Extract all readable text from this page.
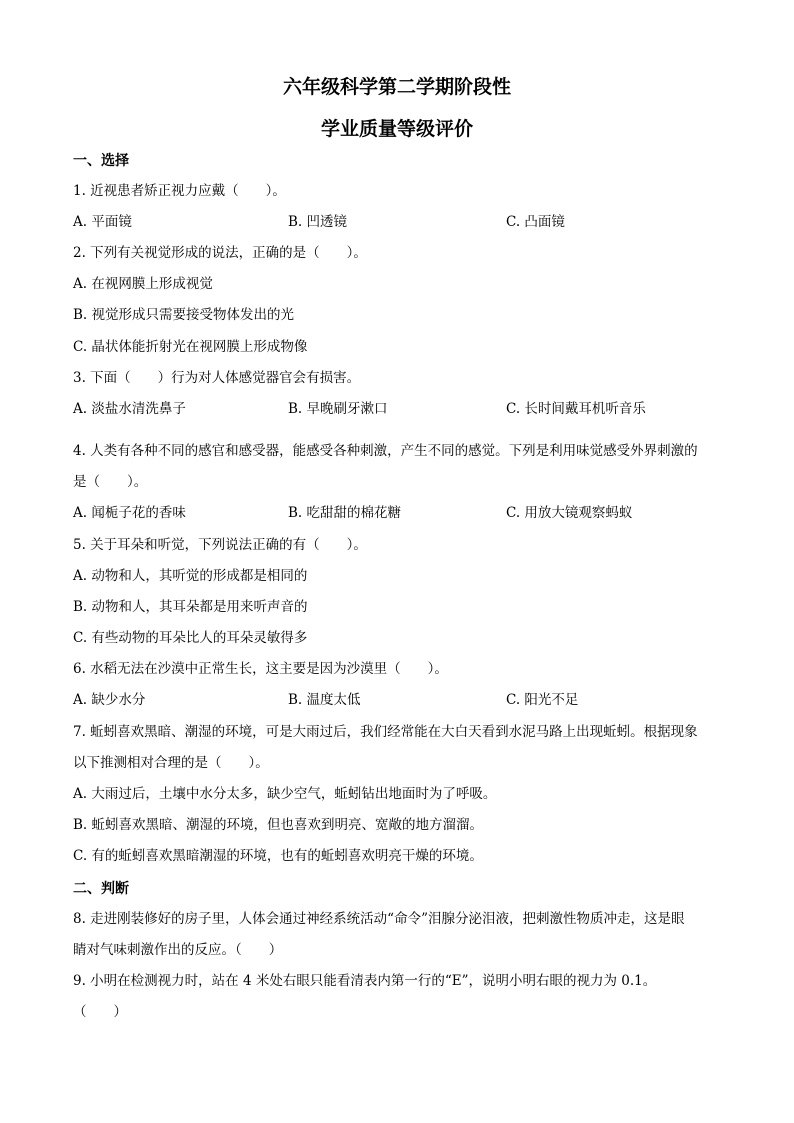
六年级科学第二学期阶段性
学业质量等级评价
一、选择
1. 近视患者矫正视力应戴（　　）。
A. 平面镜	B. 凹透镜	C. 凸面镜
2. 下列有关视觉形成的说法，正确的是（　　）。
A. 在视网膜上形成视觉
B. 视觉形成只需要接受物体发出的光
C. 晶状体能折射光在视网膜上形成物像
3. 下面（　　）行为对人体感觉器官会有损害。
A. 淡盐水清洗鼻子	B. 早晚刷牙漱口	C. 长时间戴耳机听音乐
4. 人类有各种不同的感官和感受器，能感受各种刺激，产生不同的感觉。下列是利用味觉感受外界刺激的
是（　　）。
A. 闻栀子花的香味	B. 吃甜甜的棉花糖	C. 用放大镜观察蚂蚁
5. 关于耳朵和听觉，下列说法正确的有（　　）。
A. 动物和人，其听觉的形成都是相同的
B. 动物和人，其耳朵都是用来听声音的
C. 有些动物的耳朵比人的耳朵灵敏得多
6. 水稻无法在沙漠中正常生长，这主要是因为沙漠里（　　）。
A. 缺少水分	B. 温度太低	C. 阳光不足
7. 蚯蚓喜欢黑暗、潮湿的环境，可是大雨过后，我们经常能在大白天看到水泥马路上出现蚯蚓。根据现象
以下推测相对合理的是（　　）。
A. 大雨过后，土壤中水分太多，缺少空气，蚯蚓钻出地面时为了呼吸。
B. 蚯蚓喜欢黑暗、潮湿的环境，但也喜欢到明亮、宽敞的地方溜溜。
C. 有的蚯蚓喜欢黑暗潮湿的环境，也有的蚯蚓喜欢明亮干燥的环境。
二、判断
8. 走进刚装修好的房子里，人体会通过神经系统活动“命令”泪腺分泌泪液，把刺激性物质冲走，这是眼
睛对气味刺激作出的反应。（　　）
9. 小明在检测视力时，站在 4 米处右眼只能看清表内第一行的“E”，说明小明右眼的视力为 0.1。
（　　）
